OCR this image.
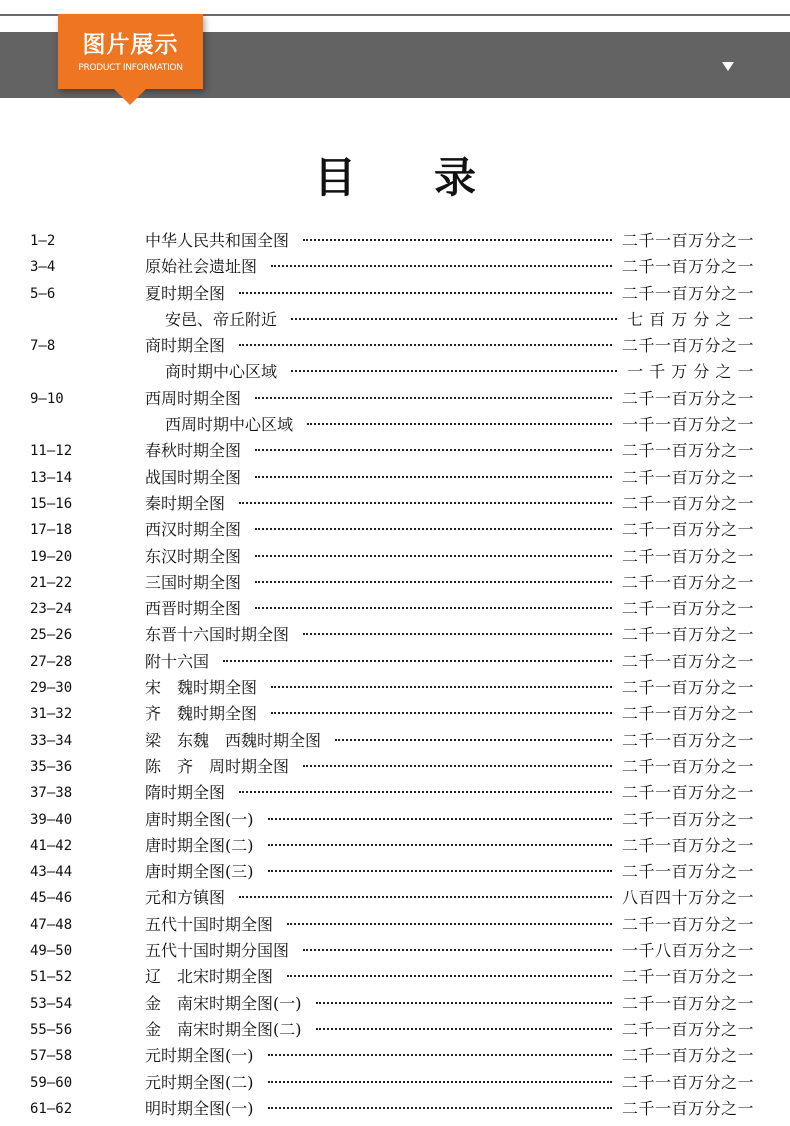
图片展示
PRODUCT INFORMATION
目录
1—2	中华人民共和国全图	二千一百万分之一
3—4	原始社会遗址图	二千一百万分之一
5—6	夏时期全图	二千一百万分之一
安邑、帝丘附近	七 百 万 分 之 一
7—8	商时期全图	二千一百万分之一
商时期中心区域	一 千 万 分 之 一
9—10	西周时期全图	二千一百万分之一
西周时期中心区域	一千一百万分之一
11—12	春秋时期全图	二千一百万分之一
13—14	战国时期全图	二千一百万分之一
15—16	秦时期全图	二千一百万分之一
17—18	西汉时期全图	二千一百万分之一
19—20	东汉时期全图	二千一百万分之一
21—22	三国时期全图	二千一百万分之一
23—24	西晋时期全图	二千一百万分之一
25—26	东晋十六国时期全图	二千一百万分之一
27—28	附十六国	二千一百万分之一
29—30	宋　魏时期全图	二千一百万分之一
31—32	齐　魏时期全图	二千一百万分之一
33—34	梁　东魏　西魏时期全图	二千一百万分之一
35—36	陈　齐　周时期全图	二千一百万分之一
37—38	隋时期全图	二千一百万分之一
39—40	唐时期全图(一)	二千一百万分之一
41—42	唐时期全图(二)	二千一百万分之一
43—44	唐时期全图(三)	二千一百万分之一
45—46	元和方镇图	八百四十万分之一
47—48	五代十国时期全图	二千一百万分之一
49—50	五代十国时期分国图	一千八百万分之一
51—52	辽　北宋时期全图	二千一百万分之一
53—54	金　南宋时期全图(一)	二千一百万分之一
55—56	金　南宋时期全图(二)	二千一百万分之一
57—58	元时期全图(一)	二千一百万分之一
59—60	元时期全图(二)	二千一百万分之一
61—62	明时期全图(一)	二千一百万分之一
